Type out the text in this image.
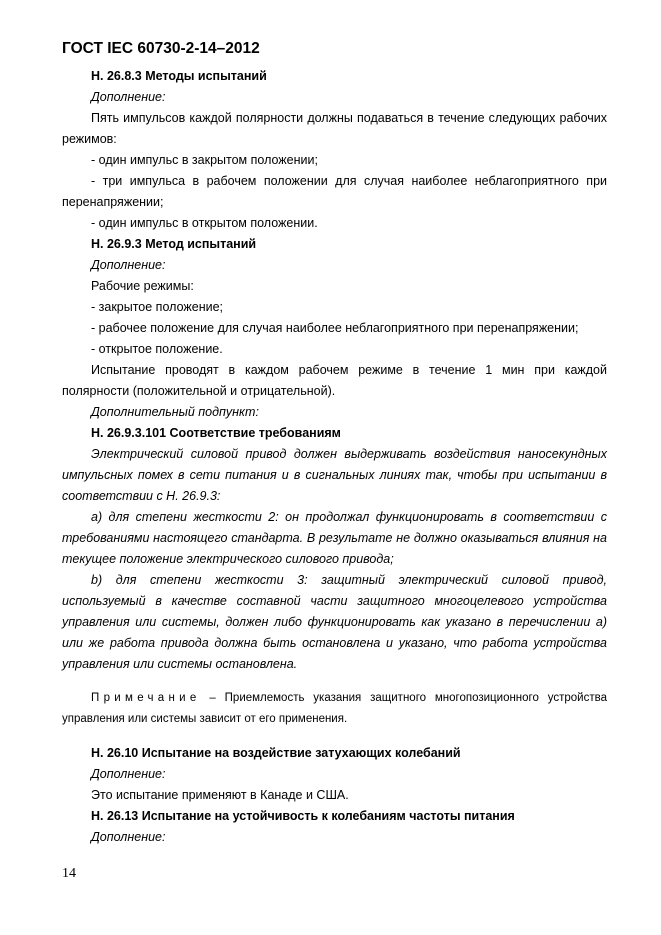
ГОСТ IEC 60730-2-14–2012

Н. 26.8.3 Методы испытаний

Дополнение:

Пять импульсов каждой полярности должны подаваться в течение следующих рабочих режимов:

- один импульс в закрытом положении;

- три импульса в рабочем положении для случая наиболее неблагоприятного при перенапряжении;

- один импульс в открытом положении.

Н. 26.9.3 Метод испытаний

Дополнение:

Рабочие режимы:

- закрытое положение;

- рабочее положение для случая наиболее неблагоприятного при перенапряжении;

- открытое положение.

Испытание проводят в каждом рабочем режиме в течение 1 мин при каждой полярности (положительной и отрицательной).

Дополнительный подпункт:

Н. 26.9.3.101 Соответствие требованиям

Электрический силовой привод должен выдерживать воздействия наносекундных импульсных помех в сети питания и в сигнальных линиях так, чтобы при испытании в соответствии с Н. 26.9.3:

a) для степени жесткости 2: он продолжал функционировать в соответствии с требованиями настоящего стандарта. В результате не должно оказываться влияния на текущее положение электрического силового привода;

b) для степени жесткости 3: защитный электрический силовой привод, используемый в качестве составной части защитного многоцелевого устройства управления или системы, должен либо функционировать как указано в перечислении a) или же работа привода должна быть остановлена и указано, что работа устройства управления или системы остановлена.

Примечание – Приемлемость указания защитного многопозиционного устройства управления или системы зависит от его применения.

Н. 26.10 Испытание на воздействие затухающих колебаний

Дополнение:

Это испытание применяют в Канаде и США.

Н. 26.13 Испытание на устойчивость к колебаниям частоты питания

Дополнение:

14
